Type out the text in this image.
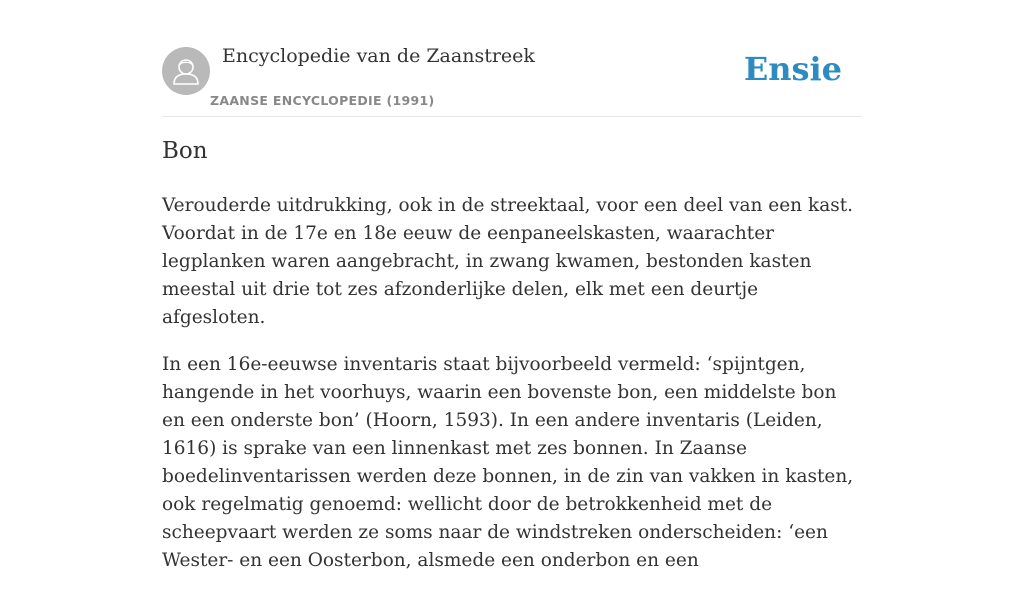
Encyclopedie van de Zaanstreek
ZAANSE ENCYCLOPEDIE (1991)
Ensie
Bon

Verouderde uitdrukking, ook in de streektaal, voor een deel van een kast. Voordat in de 17e en 18e eeuw de eenpaneelskasten, waarachter legplanken waren aangebracht, in zwang kwamen, bestonden kasten meestal uit drie tot zes afzonderlijke delen, elk met een deurtje afgesloten.

In een 16e-eeuwse inventaris staat bijvoorbeeld vermeld: ‘spijntgen, hangende in het voorhuys, waarin een bovenste bon, een middelste bon en een onderste bon’ (Hoorn, 1593). In een andere inventaris (Leiden, 1616) is sprake van een linnenkast met zes bonnen. In Zaanse boedelinventarissen werden deze bonnen, in de zin van vakken in kasten, ook regelmatig genoemd: wellicht door de betrokkenheid met de scheepvaart werden ze soms naar de windstreken onderscheiden: ‘een Wester- en een Oosterbon, alsmede een onderbon en een
